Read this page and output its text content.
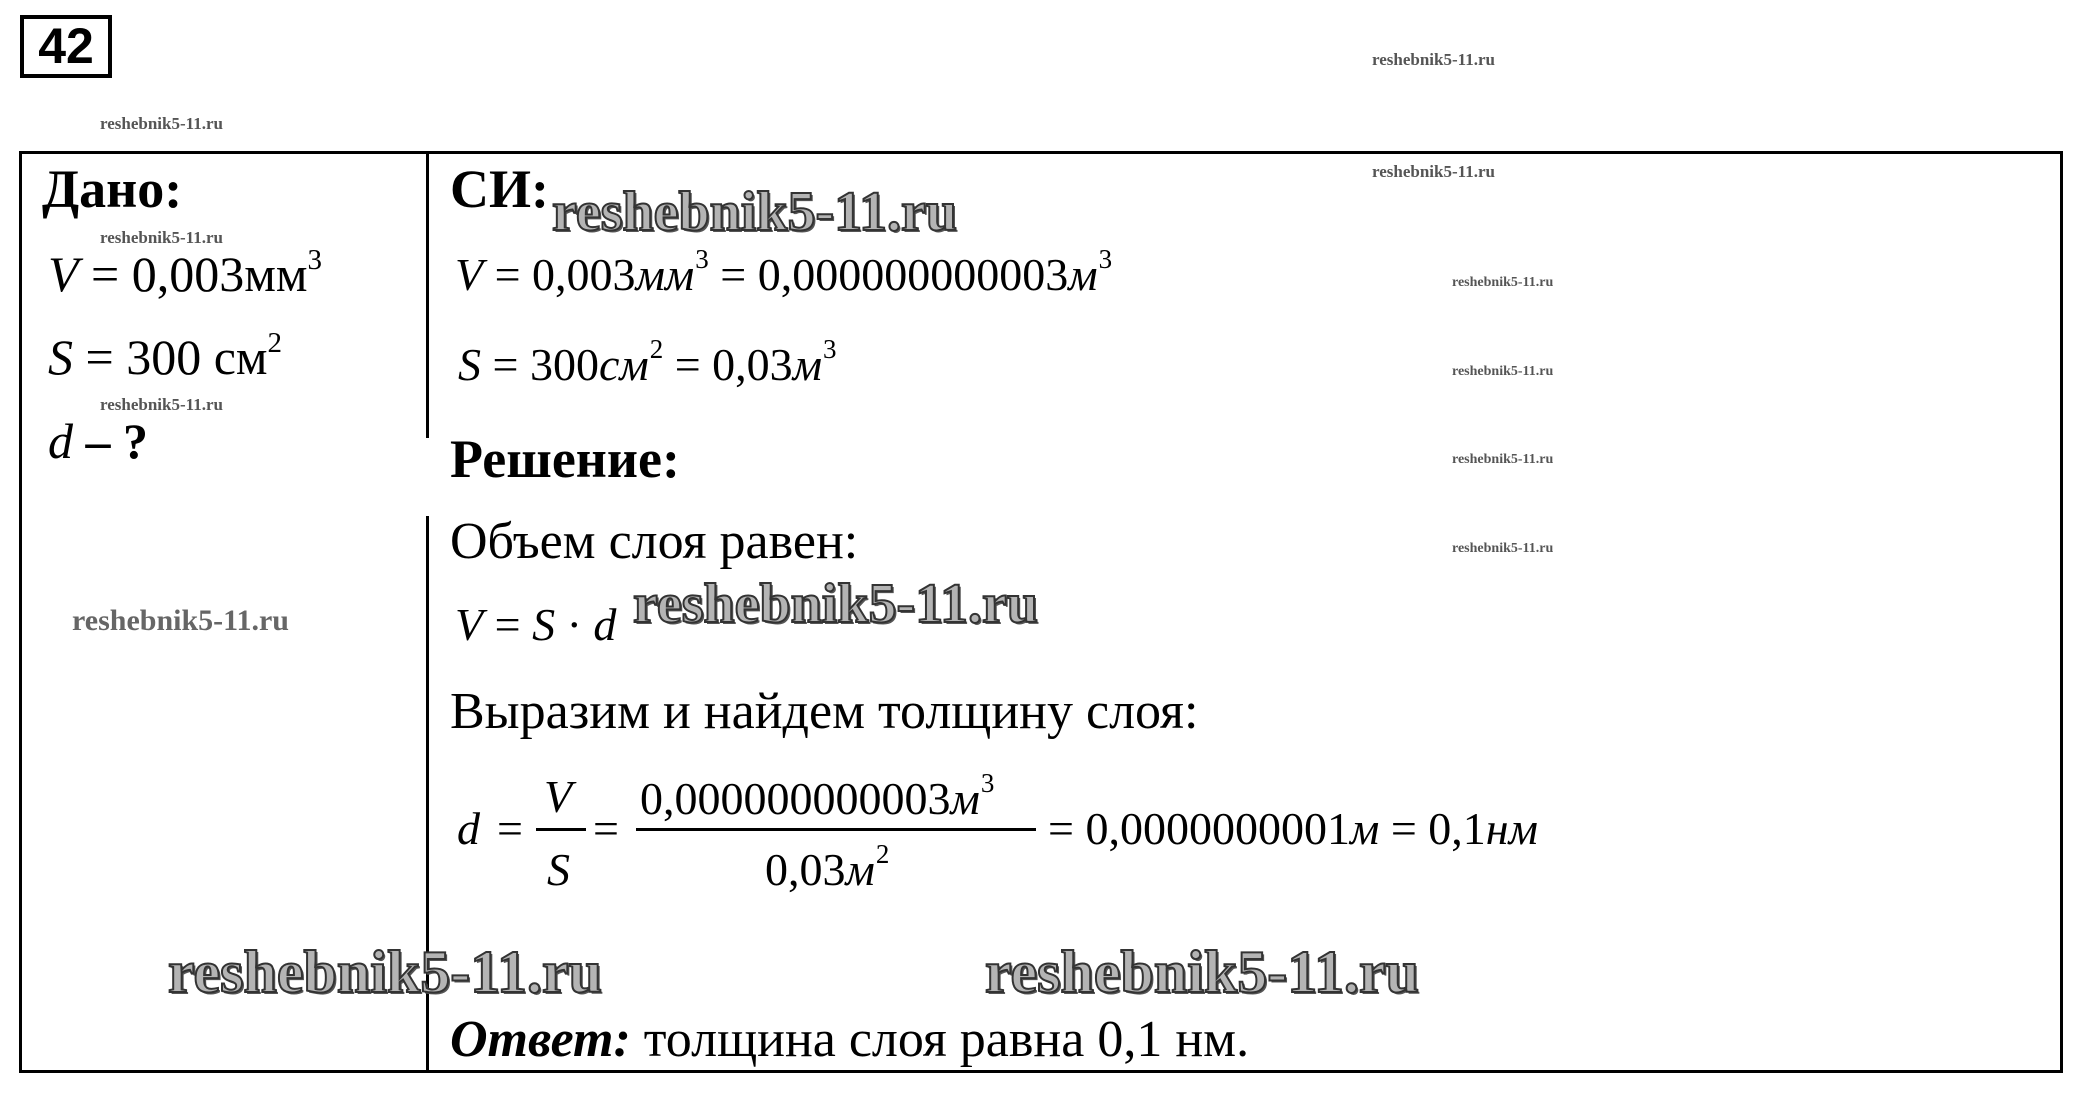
42
Дано:
$V = 0,003мм^3$
S = 300 $см^2$
d – ?
СИ:
$V = 0,003мм^3 = 0,000000000003м^3$
$S = 300см^2 = 0,03м^3$
Решение:
Объем слоя равен:
V = S · d
Выразим и найдем толщину слоя:
d =
V
S
=
$0,000000000003м^3$
$0,03м^2$	= 0,0000000001м = 0,1нм
Ответ: толщина слоя равна 0,1 нм.
reshebnik5-11.ru
reshebnik5-11.ru
reshebnik5-11.ru
reshebnik5-11.ru
reshebnik5-11.ru
reshebnik5-11.ru
reshebnik5-11.ru
reshebnik5-11.ru
reshebnik5-11.ru
reshebnik5-11.ru
reshebnik5-11.ru
reshebnik5-11.ru
reshebnik5-11.ru	reshebnik5-11.ru
